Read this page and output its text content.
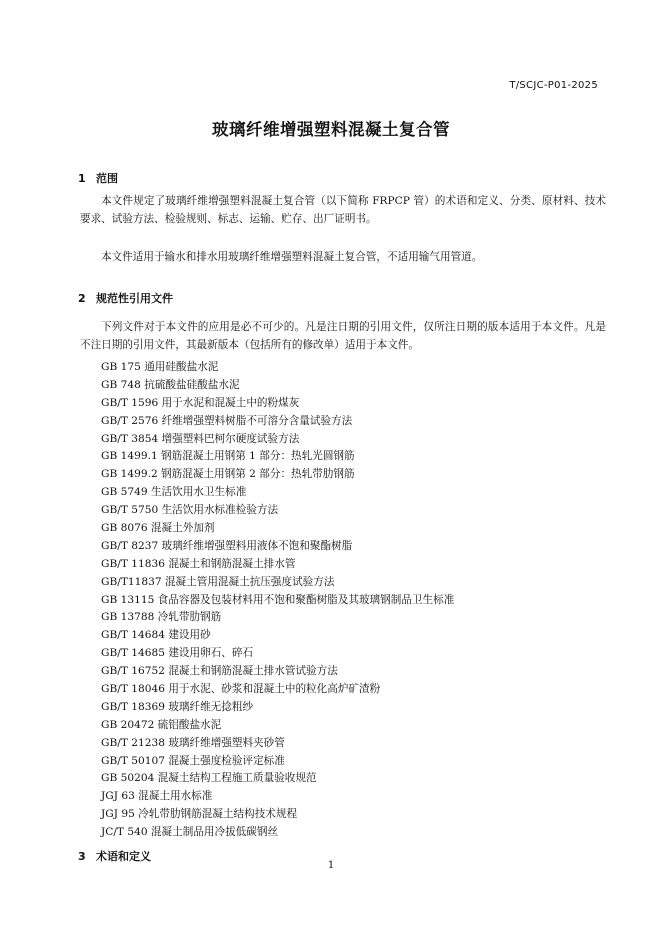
T/SCJC-P01-2025
玻璃纤维增强塑料混凝土复合管
1 范围

本文件规定了玻璃纤维增强塑料混凝土复合管（以下简称 FRPCP 管）的术语和定义、分类、原材料、技术要求、试验方法、检验规则、标志、运输、贮存、出厂证明书。

本文件适用于输水和排水用玻璃纤维增强塑料混凝土复合管，不适用输气用管道。

2 规范性引用文件

下列文件对于本文件的应用是必不可少的。凡是注日期的引用文件，仅所注日期的版本适用于本文件。凡是不注日期的引用文件，其最新版本（包括所有的修改单）适用于本文件。

GB 175 通用硅酸盐水泥
GB 748 抗硫酸盐硅酸盐水泥
GB/T 1596 用于水泥和混凝土中的粉煤灰
GB/T 2576 纤维增强塑料树脂不可溶分含量试验方法
GB/T 3854 增强塑料巴柯尔硬度试验方法
GB 1499.1 钢筋混凝土用钢第 1 部分：热轧光圆钢筋
GB 1499.2 钢筋混凝土用钢第 2 部分：热轧带肋钢筋
GB 5749 生活饮用水卫生标准
GB/T 5750 生活饮用水标准检验方法
GB 8076 混凝土外加剂
GB/T 8237 玻璃纤维增强塑料用液体不饱和聚酯树脂
GB/T 11836 混凝土和钢筋混凝土排水管
GB/T11837 混凝土管用混凝土抗压强度试验方法
GB 13115 食品容器及包装材料用不饱和聚酯树脂及其玻璃钢制品卫生标准
GB 13788 冷轧带肋钢筋
GB/T 14684 建设用砂
GB/T 14685 建设用卵石、碎石
GB/T 16752 混凝土和钢筋混凝土排水管试验方法
GB/T 18046 用于水泥、砂浆和混凝土中的粒化高炉矿渣粉
GB/T 18369 玻璃纤维无捻粗纱
GB 20472 硫铝酸盐水泥
GB/T 21238 玻璃纤维增强塑料夹砂管
GB/T 50107 混凝土强度检验评定标准
GB 50204 混凝土结构工程施工质量验收规范
JGJ 63 混凝土用水标准
JGJ 95 冷轧带肋钢筋混凝土结构技术规程
JC/T 540 混凝土制品用冷拔低碳钢丝
3 术语和定义
1
